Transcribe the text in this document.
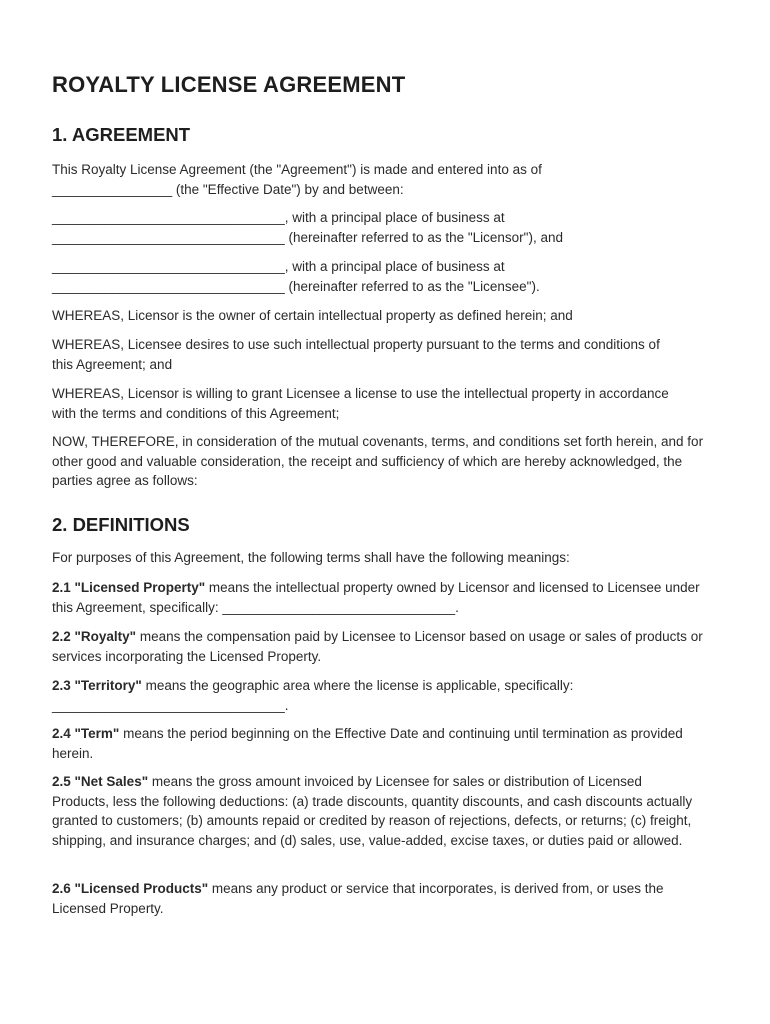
ROYALTY LICENSE AGREEMENT
1. AGREEMENT

This Royalty License Agreement (the "Agreement") is made and entered into as of
________________ (the "Effective Date") by and between:

_______________________________, with a principal place of business at
_______________________________ (hereinafter referred to as the "Licensor"), and

_______________________________, with a principal place of business at
_______________________________ (hereinafter referred to as the "Licensee").

WHEREAS, Licensor is the owner of certain intellectual property as defined herein; and

WHEREAS, Licensee desires to use such intellectual property pursuant to the terms and conditions of this Agreement; and

WHEREAS, Licensor is willing to grant Licensee a license to use the intellectual property in accordance with the terms and conditions of this Agreement;

NOW, THEREFORE, in consideration of the mutual covenants, terms, and conditions set forth herein, and for other good and valuable consideration, the receipt and sufficiency of which are hereby acknowledged, the parties agree as follows:

2. DEFINITIONS

For purposes of this Agreement, the following terms shall have the following meanings:

2.1 "Licensed Property" means the intellectual property owned by Licensor and licensed to Licensee under this Agreement, specifically: _______________________________.

2.2 "Royalty" means the compensation paid by Licensee to Licensor based on usage or sales of products or services incorporating the Licensed Property.

2.3 "Territory" means the geographic area where the license is applicable, specifically: _______________________________.

2.4 "Term" means the period beginning on the Effective Date and continuing until termination as provided herein.

2.5 "Net Sales" means the gross amount invoiced by Licensee for sales or distribution of Licensed Products, less the following deductions: (a) trade discounts, quantity discounts, and cash discounts actually granted to customers; (b) amounts repaid or credited by reason of rejections, defects, or returns; (c) freight, shipping, and insurance charges; and (d) sales, use, value-added, excise taxes, or duties paid or allowed.

2.6 "Licensed Products" means any product or service that incorporates, is derived from, or uses the Licensed Property.
